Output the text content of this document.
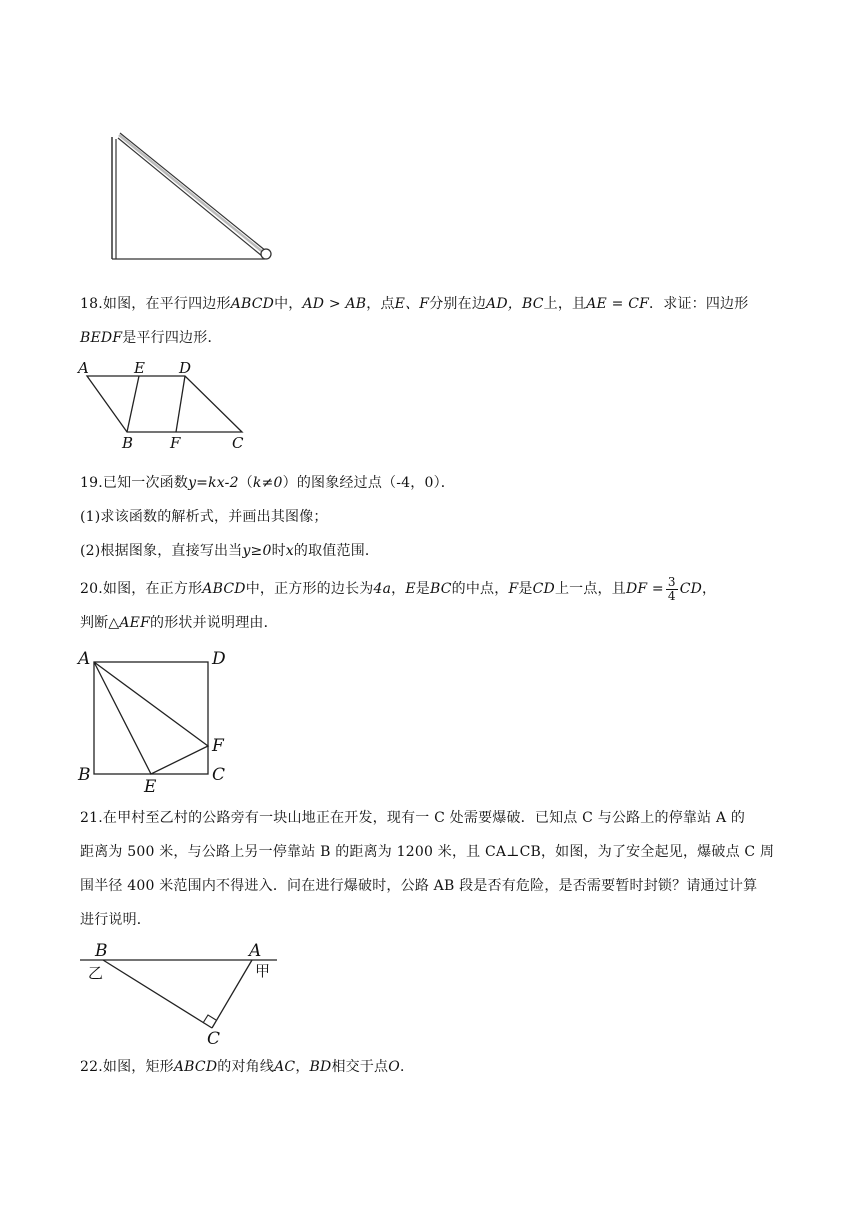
18.如图，在平行四边形ABCD中，AD > AB，点E、F分别在边AD，BC上，且AE = CF．求证：四边形

BEDF是平行四边形．

A	E D
B F	C

19.已知一次函数y=kx-2（k≠0）的图象经过点（-4，0）．

(1)求该函数的解析式，并画出其图像；

(2)根据图象，直接写出当y≥0时x的取值范围．

20.如图，在正方形ABCD中，正方形的边长为4a，E是BC的中点，F是CD上一点，且DF = $\frac{3}{4}$ CD，

判断△AEF的形状并说明理由．

A	D
F
B
E
C

21.在甲村至乙村的公路旁有一块山地正在开发，现有一 C 处需要爆破．已知点 C 与公路上的停靠站 A 的

距离为 500 米，与公路上另一停靠站 B 的距离为 1200 米，且 CA⊥CB，如图，为了安全起见，爆破点 C 周

围半径 400 米范围内不得进入．问在进行爆破时，公路 AB 段是否有危险，是否需要暂时封锁？请通过计算

进行说明．

B	A
C
乙	甲

22.如图，矩形ABCD的对角线AC，BD相交于点O．
